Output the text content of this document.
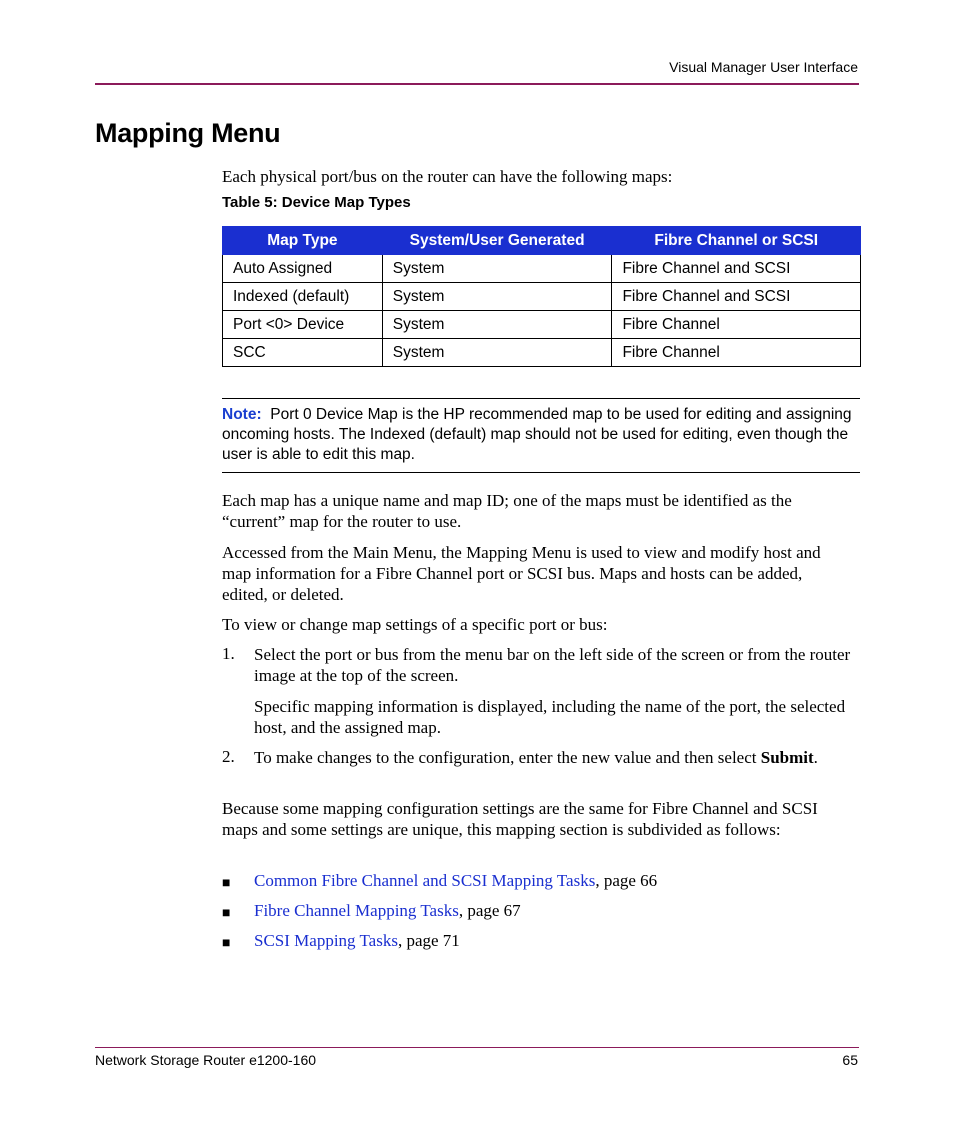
Visual Manager User Interface
Mapping Menu
Each physical port/bus on the router can have the following maps:
Table 5: Device Map Types
Map Type	System/User Generated	Fibre Channel or SCSI
Auto Assigned	System	Fibre Channel and SCSI
Indexed (default)	System	Fibre Channel and SCSI
Port <0> Device	System	Fibre Channel
SCC	System	Fibre Channel
Note: Port 0 Device Map is the HP recommended map to be used for editing and assigning oncoming hosts. The Indexed (default) map should not be used for editing, even though the user is able to edit this map.
Each map has a unique name and map ID; one of the maps must be identified as the “current” map for the router to use.
Accessed from the Main Menu, the Mapping Menu is used to view and modify host and map information for a Fibre Channel port or SCSI bus. Maps and hosts can be added, edited, or deleted.
To view or change map settings of a specific port or bus:
1. Select the port or bus from the menu bar on the left side of the screen or from the router image at the top of the screen.
Specific mapping information is displayed, including the name of the port, the selected host, and the assigned map.
2. To make changes to the configuration, enter the new value and then select Submit.
Because some mapping configuration settings are the same for Fibre Channel and SCSI maps and some settings are unique, this mapping section is subdivided as follows:
■ Common Fibre Channel and SCSI Mapping Tasks, page 66
■ Fibre Channel Mapping Tasks, page 67
■ SCSI Mapping Tasks, page 71
Network Storage Router e1200-160	65
